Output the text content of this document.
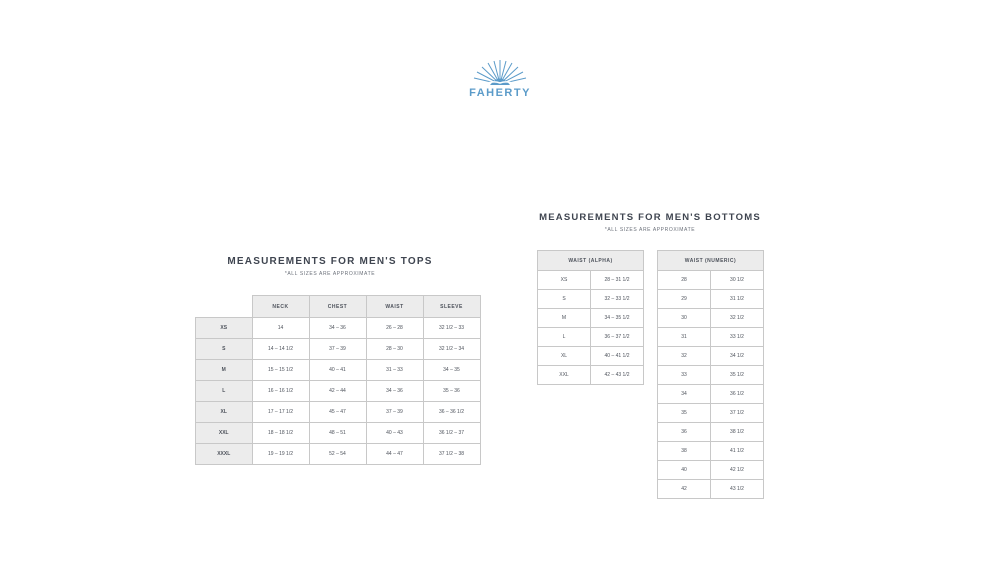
FAHERTY
MEASUREMENTS FOR MEN'S TOPS
*ALL SIZES ARE APPROXIMATE
	NECK	CHEST	WAIST	SLEEVE
XS	14	34 – 36	26 – 28	32 1/2 – 33
S	14 – 14 1/2	37 – 39	28 – 30	32 1/2 – 34
M	15 – 15 1/2	40 – 41	31 – 33	34 – 35
L	16 – 16 1/2	42 – 44	34 – 36	35 – 36
XL	17 – 17 1/2	45 – 47	37 – 39	36 – 36 1/2
XXL	18 – 18 1/2	48 – 51	40 – 43	36 1/2 – 37
XXXL	19 – 19 1/2	52 – 54	44 – 47	37 1/2 – 38
MEASUREMENTS FOR MEN'S BOTTOMS
*ALL SIZES ARE APPROXIMATE
WAIST (ALPHA)	
XS	28 – 31 1/2
S	32 – 33 1/2
M	34 – 35 1/2
L	36 – 37 1/2
XL	40 – 41 1/2
XXL	42 – 43 1/2
WAIST (NUMERIC)	
28	30 1/2
29	31 1/2
30	32 1/2
31	33 1/2
32	34 1/2
33	35 1/2
34	36 1/2
35	37 1/2
36	38 1/2
38	41 1/2
40	42 1/2
42	43 1/2
